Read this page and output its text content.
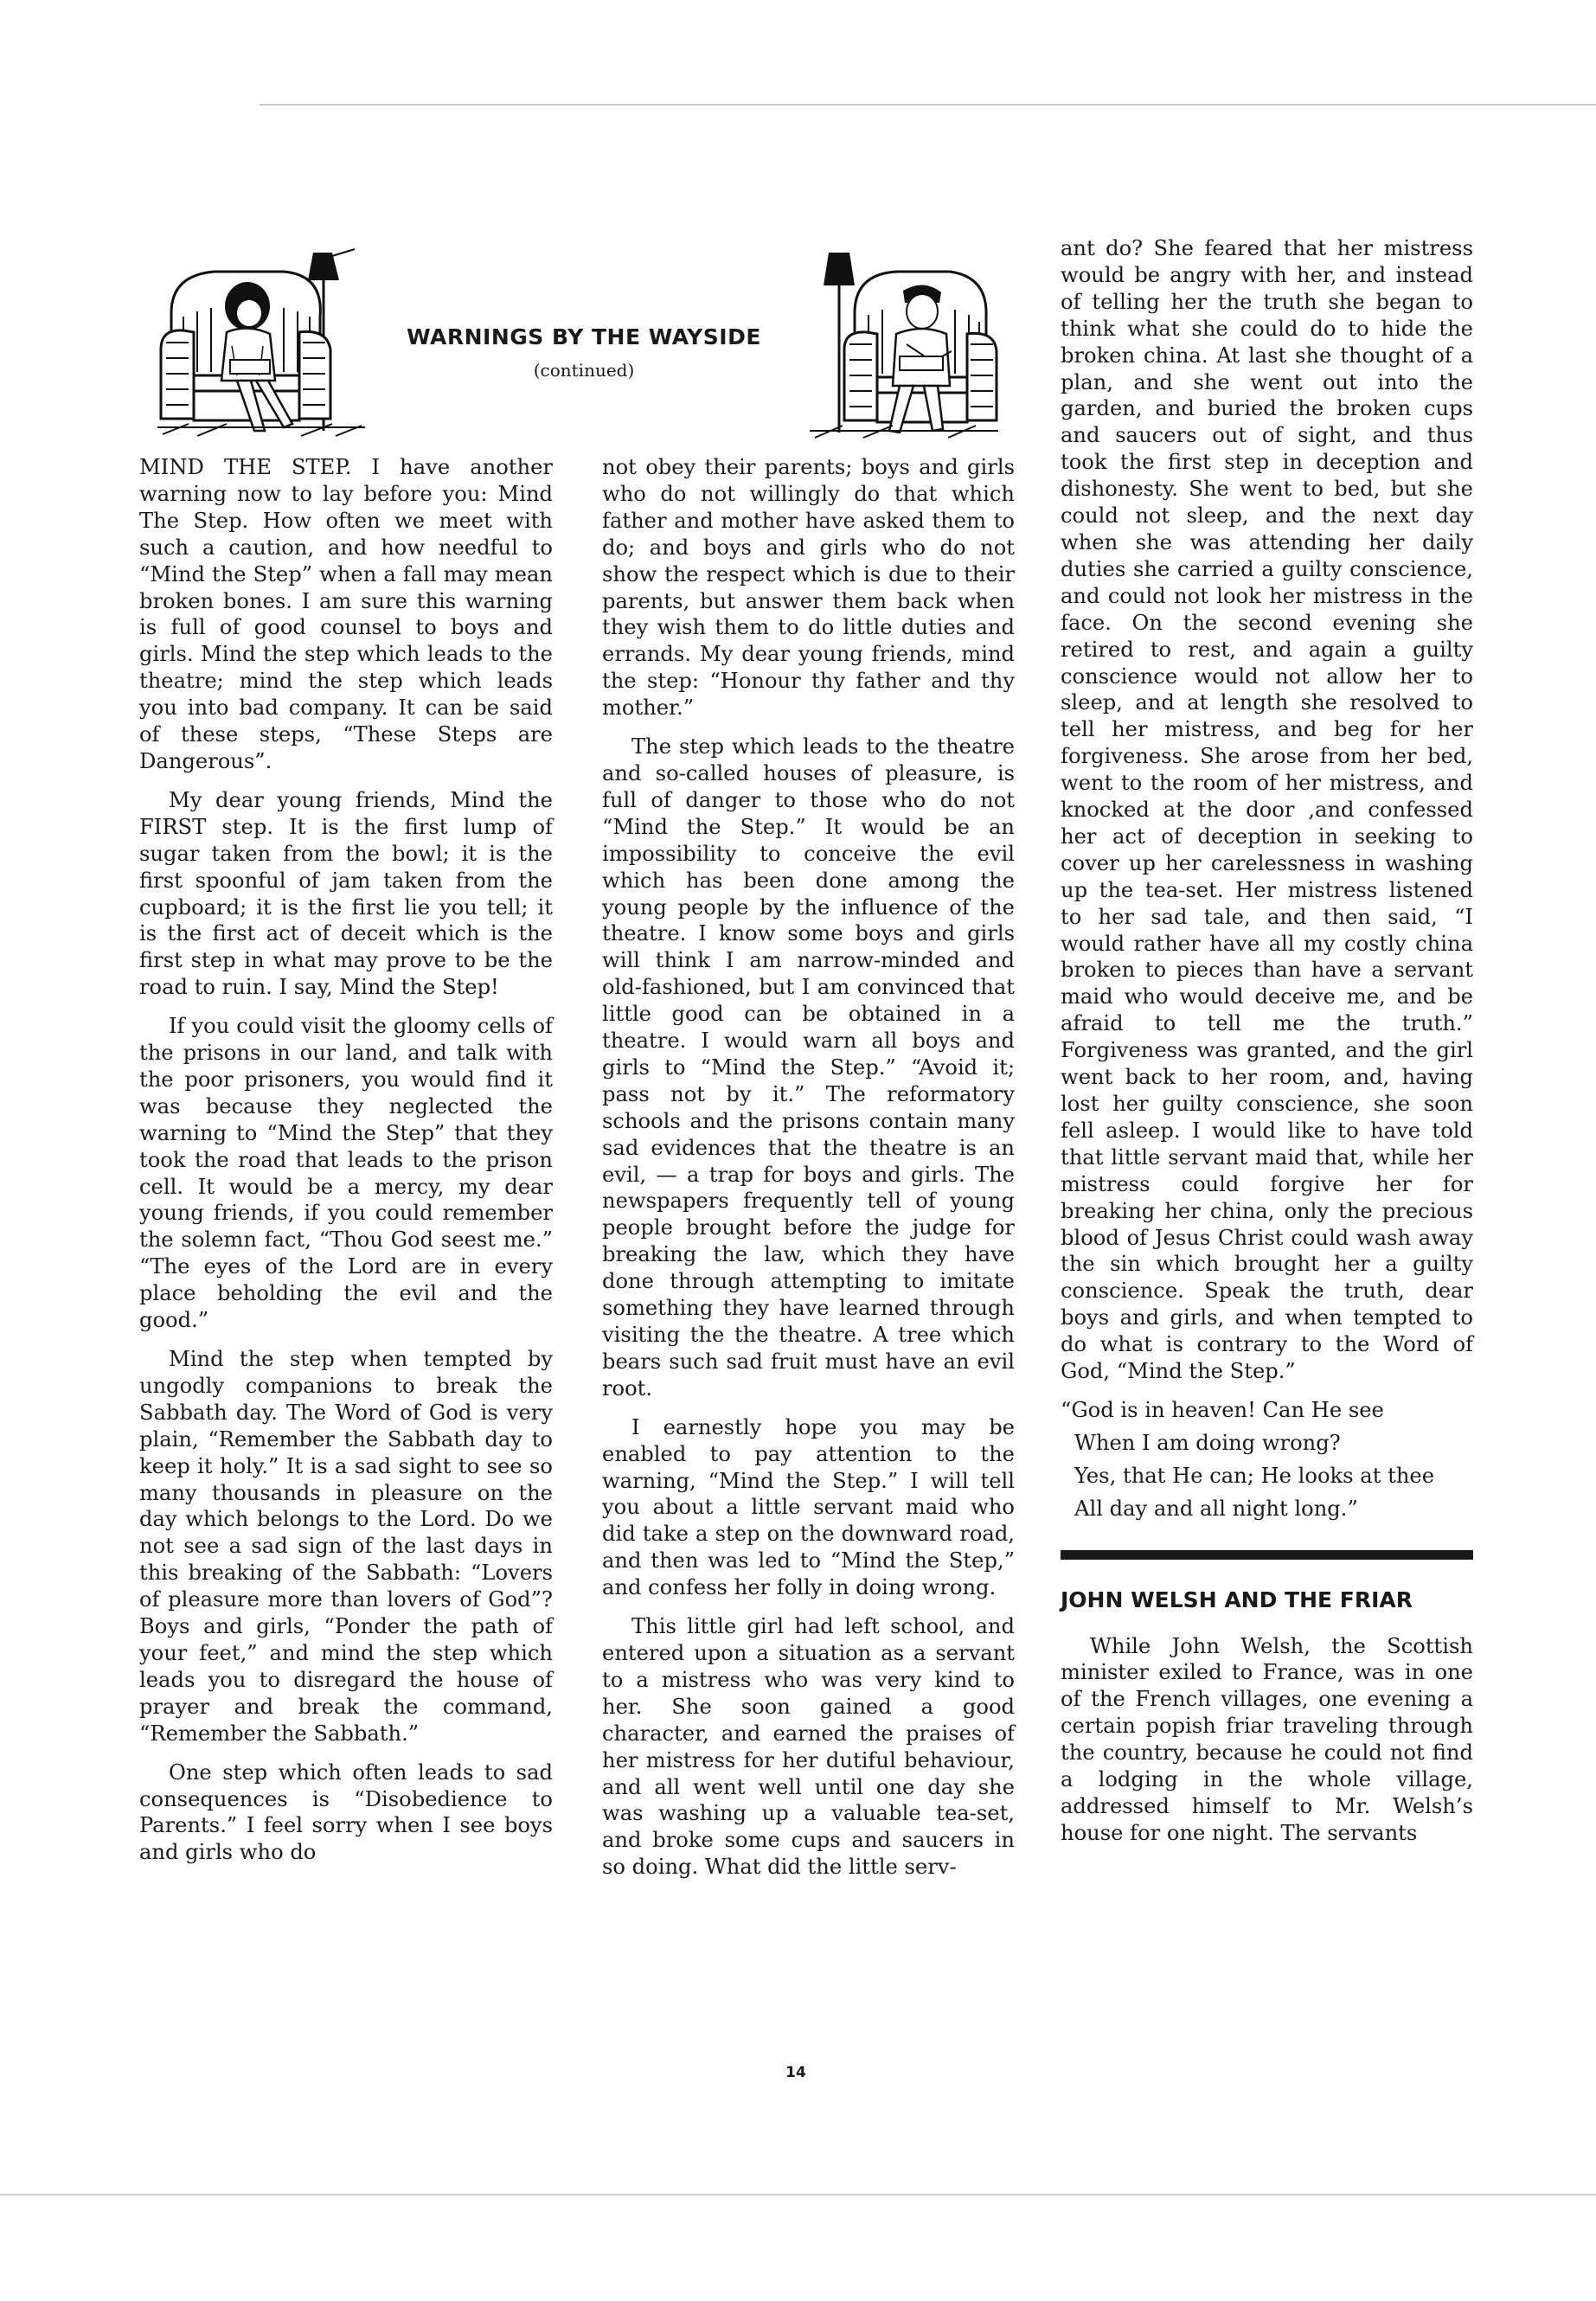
WARNINGS BY THE WAYSIDE
(continued)

MIND THE STEP. I have another warning now to lay before you: Mind The Step. How often we meet with such a caution, and how needful to “Mind the Step” when a fall may mean broken bones. I am sure this warning is full of good counsel to boys and girls. Mind the step which leads to the theatre; mind the step which leads you into bad company. It can be said of these steps, “These Steps are Dangerous”.

My dear young friends, Mind the FIRST step. It is the first lump of sugar taken from the bowl; it is the first spoonful of jam taken from the cupboard; it is the first lie you tell; it is the first act of deceit which is the first step in what may prove to be the road to ruin. I say, Mind the Step!

If you could visit the gloomy cells of the prisons in our land, and talk with the poor prisoners, you would find it was because they neglected the warning to “Mind the Step” that they took the road that leads to the prison cell. It would be a mercy, my dear young friends, if you could remember the solemn fact, “Thou God seest me.” “The eyes of the Lord are in every place beholding the evil and the good.”

Mind the step when tempted by ungodly companions to break the Sabbath day. The Word of God is very plain, “Remember the Sabbath day to keep it holy.” It is a sad sight to see so many thousands in pleasure on the day which belongs to the Lord. Do we not see a sad sign of the last days in this breaking of the Sabbath: “Lovers of pleasure more than lovers of God”? Boys and girls, “Ponder the path of your feet,” and mind the step which leads you to disregard the house of prayer and break the command, “Remember the Sabbath.”

One step which often leads to sad consequences is “Disobedience to Parents.” I feel sorry when I see boys and girls who do

not obey their parents; boys and girls who do not willingly do that which father and mother have asked them to do; and boys and girls who do not show the respect which is due to their parents, but answer them back when they wish them to do little duties and errands. My dear young friends, mind the step: “Honour thy father and thy mother.”

The step which leads to the theatre and so-called houses of pleasure, is full of danger to those who do not “Mind the Step.” It would be an impossibility to conceive the evil which has been done among the young people by the influence of the theatre. I know some boys and girls will think I am narrow-minded and old-fashioned, but I am convinced that little good can be obtained in a theatre. I would warn all boys and girls to “Mind the Step.” “Avoid it; pass not by it.” The reformatory schools and the prisons contain many sad evidences that the theatre is an evil, — a trap for boys and girls. The newspapers frequently tell of young people brought before the judge for breaking the law, which they have done through attempting to imitate something they have learned through visiting the the theatre. A tree which bears such sad fruit must have an evil root.

I earnestly hope you may be enabled to pay attention to the warning, “Mind the Step.” I will tell you about a little servant maid who did take a step on the downward road, and then was led to “Mind the Step,” and confess her folly in doing wrong.

This little girl had left school, and entered upon a situation as a servant to a mistress who was very kind to her. She soon gained a good character, and earned the praises of her mistress for her dutiful behaviour, and all went well until one day she was washing up a valuable tea-set, and broke some cups and saucers in so doing. What did the little serv-

ant do? She feared that her mistress would be angry with her, and instead of telling her the truth she began to think what she could do to hide the broken china. At last she thought of a plan, and she went out into the garden, and buried the broken cups and saucers out of sight, and thus took the first step in deception and dishonesty. She went to bed, but she could not sleep, and the next day when she was attending her daily duties she carried a guilty conscience, and could not look her mistress in the face. On the second evening she retired to rest, and again a guilty conscience would not allow her to sleep, and at length she resolved to tell her mistress, and beg for her forgiveness. She arose from her bed, went to the room of her mistress, and knocked at the door ,and confessed her act of deception in seeking to cover up her carelessness in washing up the tea-set. Her mistress listened to her sad tale, and then said, “I would rather have all my costly china broken to pieces than have a servant maid who would deceive me, and be afraid to tell me the truth.” Forgiveness was granted, and the girl went back to her room, and, having lost her guilty conscience, she soon fell asleep. I would like to have told that little servant maid that, while her mistress could forgive her for breaking her china, only the precious blood of Jesus Christ could wash away the sin which brought her a guilty conscience. Speak the truth, dear boys and girls, and when tempted to do what is contrary to the Word of God, “Mind the Step.”

“God is in heaven! Can He see
When I am doing wrong?
Yes, that He can; He looks at thee
All day and all night long.”
JOHN WELSH AND THE FRIAR

While John Welsh, the Scottish minister exiled to France, was in one of the French villages, one evening a certain popish friar traveling through the country, because he could not find a lodging in the whole village, addressed himself to Mr. Welsh’s house for one night. The servants

14
